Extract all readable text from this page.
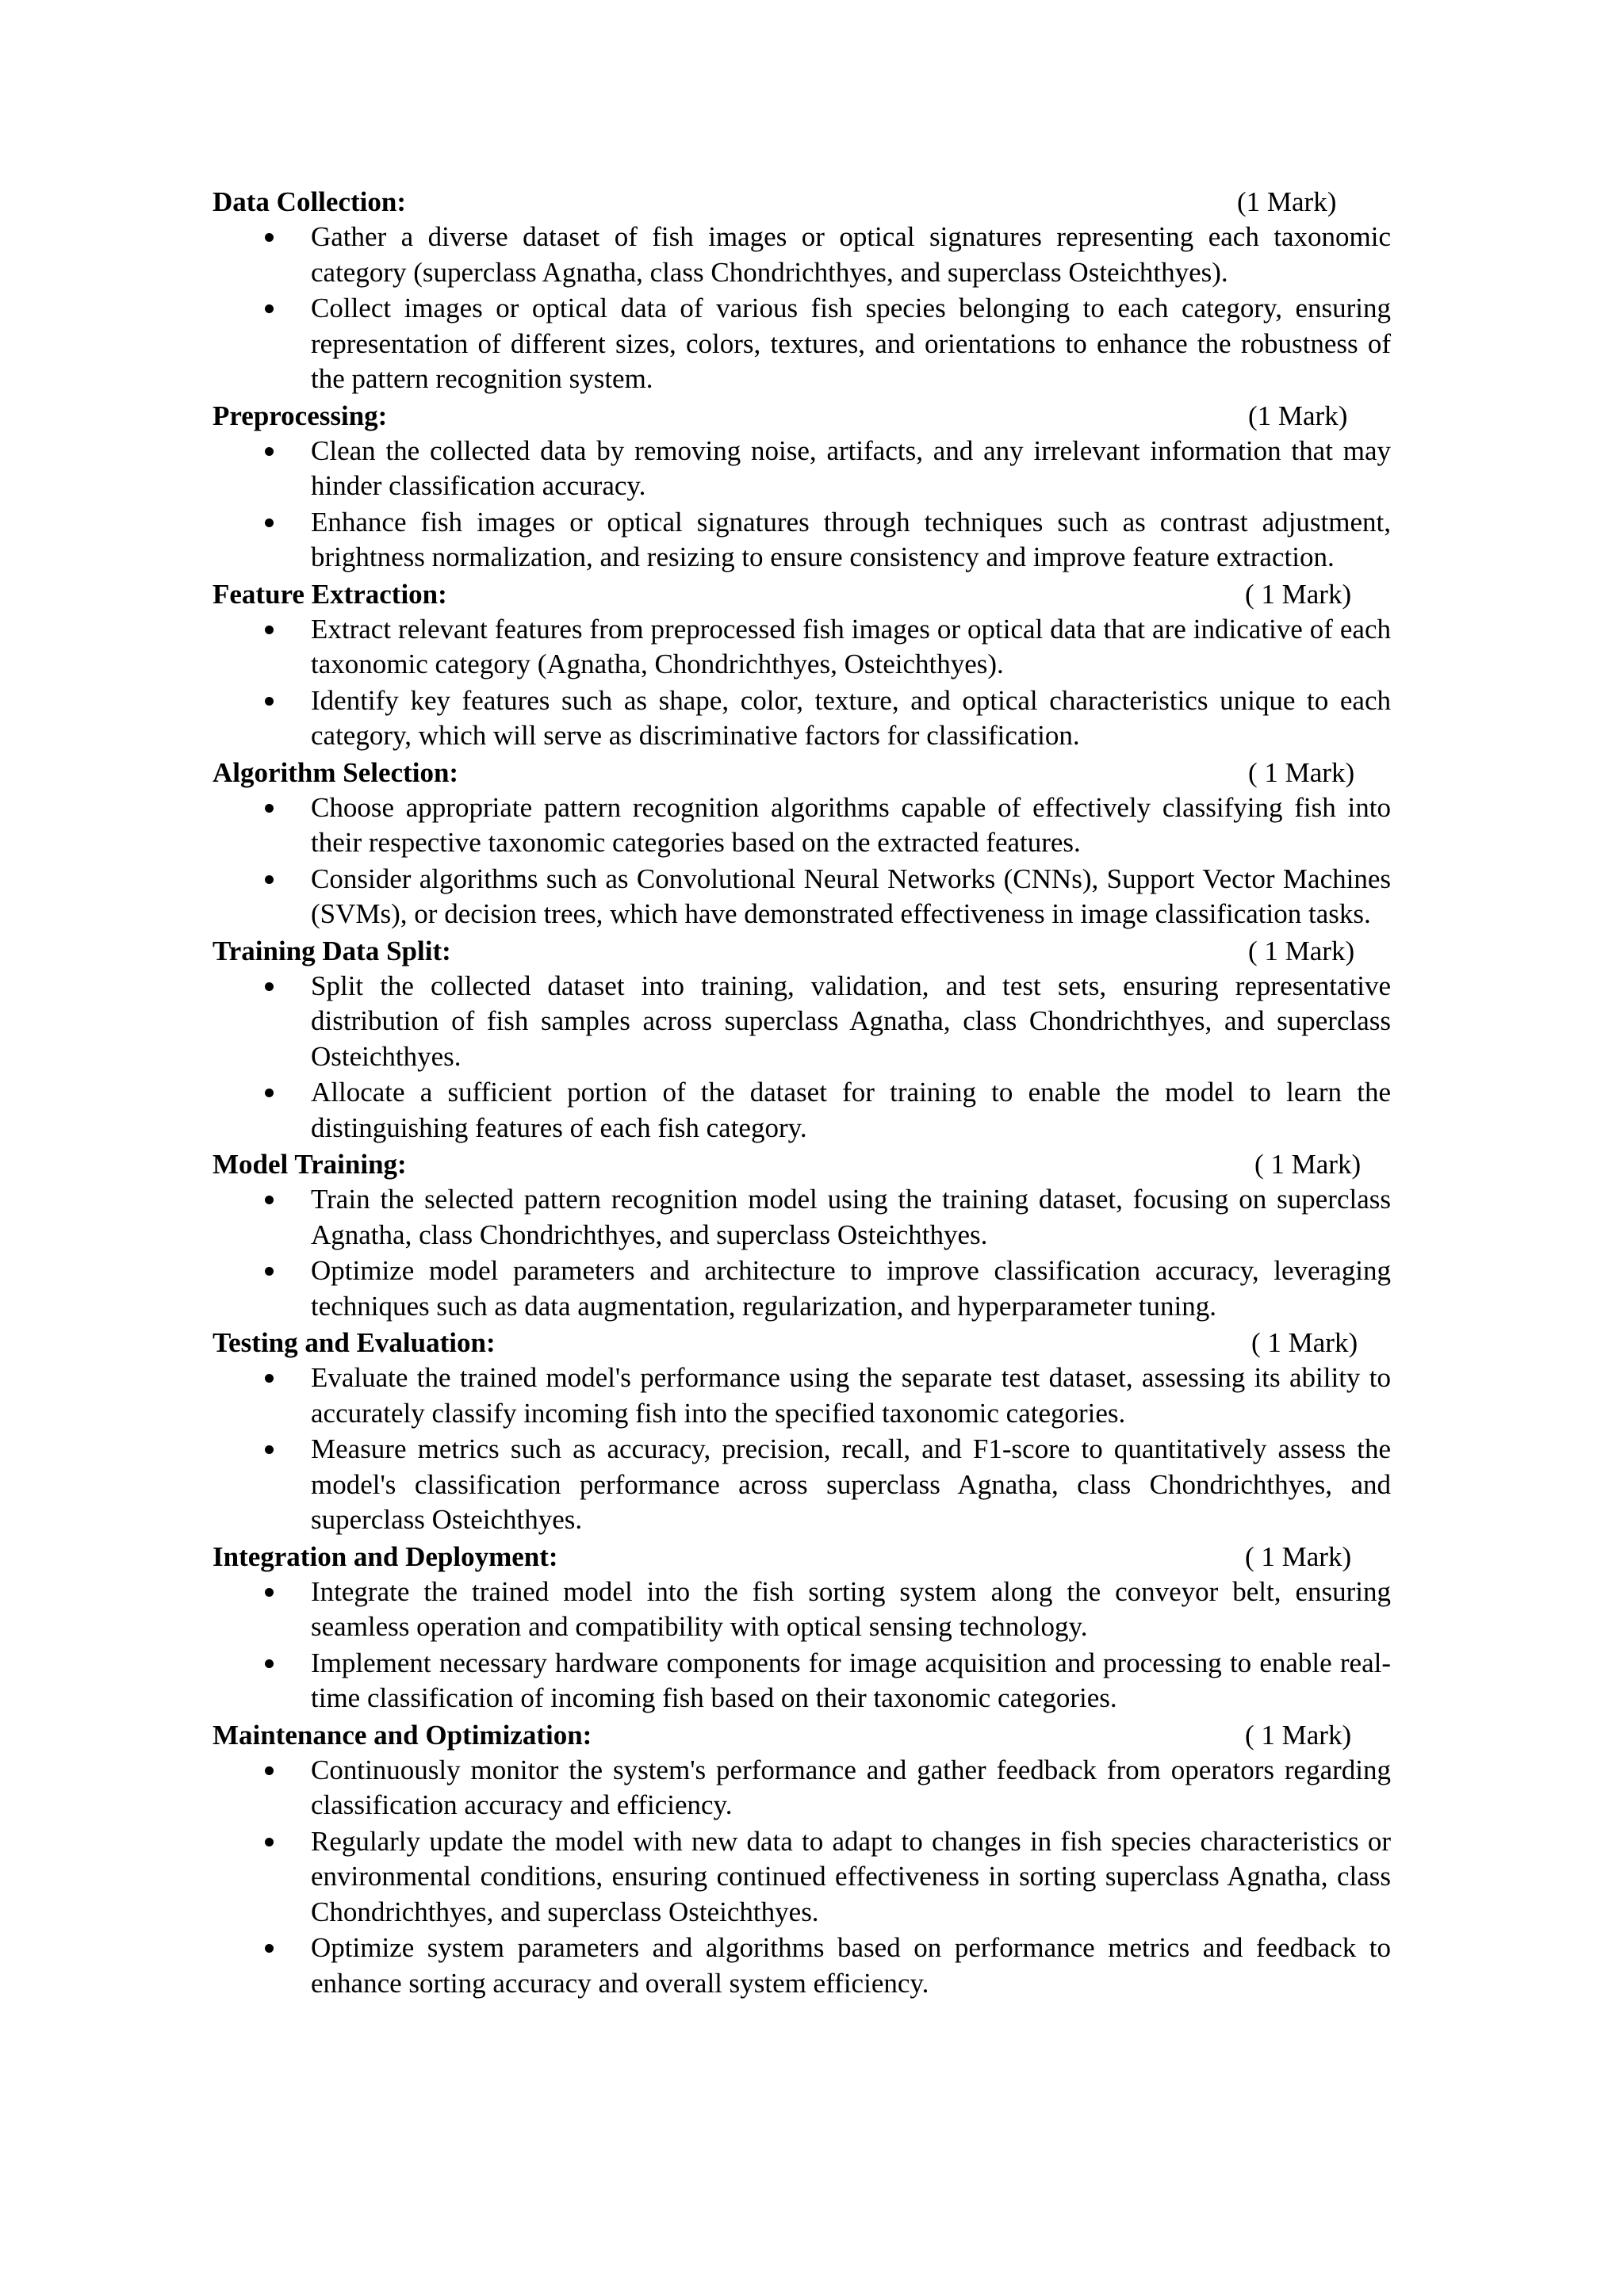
Data Collection:	(1 Mark)
Gather a diverse dataset of fish images or optical signatures representing each taxonomic category (superclass Agnatha, class Chondrichthyes, and superclass Osteichthyes).
Collect images or optical data of various fish species belonging to each category, ensuring representation of different sizes, colors, textures, and orientations to enhance the robustness of the pattern recognition system.
Preprocessing:	(1 Mark)
Clean the collected data by removing noise, artifacts, and any irrelevant information that may hinder classification accuracy.
Enhance fish images or optical signatures through techniques such as contrast adjustment, brightness normalization, and resizing to ensure consistency and improve feature extraction.
Feature Extraction:	( 1 Mark)
Extract relevant features from preprocessed fish images or optical data that are indicative of each taxonomic category (Agnatha, Chondrichthyes, Osteichthyes).
Identify key features such as shape, color, texture, and optical characteristics unique to each category, which will serve as discriminative factors for classification.
Algorithm Selection:	( 1 Mark)
Choose appropriate pattern recognition algorithms capable of effectively classifying fish into their respective taxonomic categories based on the extracted features.
Consider algorithms such as Convolutional Neural Networks (CNNs), Support Vector Machines (SVMs), or decision trees, which have demonstrated effectiveness in image classification tasks.
Training Data Split:	( 1 Mark)
Split the collected dataset into training, validation, and test sets, ensuring representative distribution of fish samples across superclass Agnatha, class Chondrichthyes, and superclass Osteichthyes.
Allocate a sufficient portion of the dataset for training to enable the model to learn the distinguishing features of each fish category.
Model Training:	( 1 Mark)
Train the selected pattern recognition model using the training dataset, focusing on superclass Agnatha, class Chondrichthyes, and superclass Osteichthyes.
Optimize model parameters and architecture to improve classification accuracy, leveraging techniques such as data augmentation, regularization, and hyperparameter tuning.
Testing and Evaluation:	( 1 Mark)
Evaluate the trained model's performance using the separate test dataset, assessing its ability to accurately classify incoming fish into the specified taxonomic categories.
Measure metrics such as accuracy, precision, recall, and F1-score to quantitatively assess the model's classification performance across superclass Agnatha, class Chondrichthyes, and superclass Osteichthyes.
Integration and Deployment:	( 1 Mark)
Integrate the trained model into the fish sorting system along the conveyor belt, ensuring seamless operation and compatibility with optical sensing technology.
Implement necessary hardware components for image acquisition and processing to enable real-time classification of incoming fish based on their taxonomic categories.
Maintenance and Optimization:	( 1 Mark)
Continuously monitor the system's performance and gather feedback from operators regarding classification accuracy and efficiency.
Regularly update the model with new data to adapt to changes in fish species characteristics or environmental conditions, ensuring continued effectiveness in sorting superclass Agnatha, class Chondrichthyes, and superclass Osteichthyes.
Optimize system parameters and algorithms based on performance metrics and feedback to enhance sorting accuracy and overall system efficiency.
